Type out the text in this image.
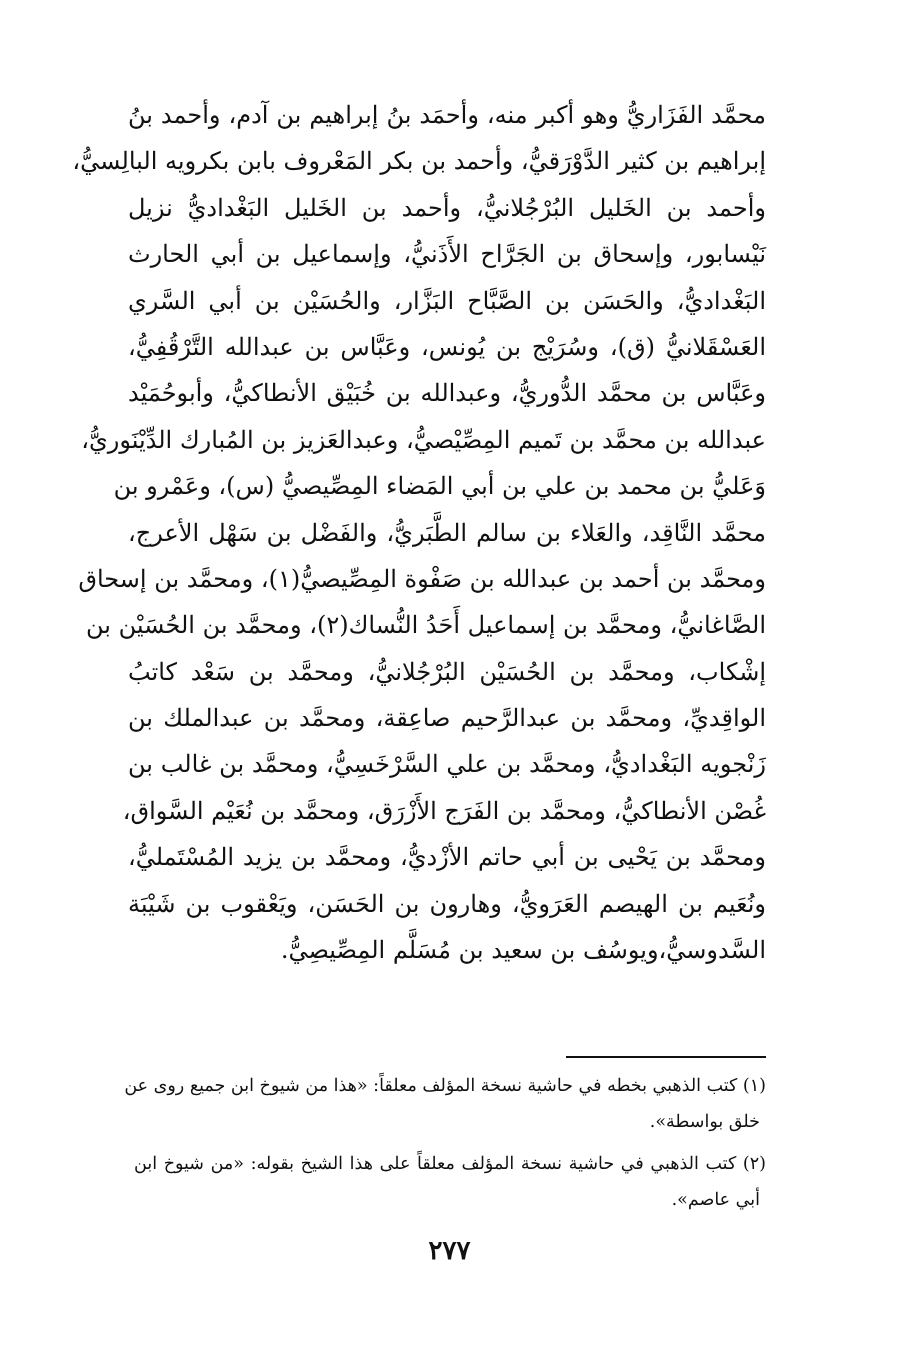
محمَّد الفَزَاريُّ وهو أكبر منه، وأحمَد بنُ إبراهيم بن آدم، وأحمد بنُ
إبراهيم بن كثير الدَّوْرَقيُّ، وأحمد بن بكر المَعْروف بابن بكرويه البالِسيُّ،
وأحمد بن الخَليل البُرْجُلانيُّ، وأحمد بن الخَليل البَغْداديُّ نزيل
نَيْسابور، وإسحاق بن الجَرَّاح الأَذَنيُّ، وإسماعيل بن أبي الحارث
البَغْداديُّ، والحَسَن بن الصَّبَّاح البَزَّار، والحُسَيْن بن أبي السَّري
العَسْقَلانيُّ (ق)، وسُرَيْج بن يُونس، وعَبَّاس بن عبدالله التَّرْقُفِيُّ،
وعَبَّاس بن محمَّد الدُّوريُّ، وعبدالله بن خُبَيْق الأنطاكيُّ، وأبوحُمَيْد
عبدالله بن محمَّد بن تَميم المِصِّيْصيُّ، وعبدالعَزيز بن المُبارك الدِّيْنَوريُّ،
وَعَليُّ بن محمد بن علي بن أبي المَضاء المِصِّيصيُّ (س)، وعَمْرو بن
محمَّد النَّاقِد، والعَلاء بن سالم الطَّبَريُّ، والفَضْل بن سَهْل الأعرج،
ومحمَّد بن أحمد بن عبدالله بن صَفْوة المِصِّيصيُّ(١)، ومحمَّد بن إسحاق
الصَّاغانيُّ، ومحمَّد بن إسماعيل أَحَدُ النُّساك(٢)، ومحمَّد بن الحُسَيْن بن
إشْكاب، ومحمَّد بن الحُسَيْن البُرْجُلانيُّ، ومحمَّد بن سَعْد كاتبُ
الواقِديِّ، ومحمَّد بن عبدالرَّحيم صاعِقة، ومحمَّد بن عبدالملك بن
زَنْجويه البَغْداديُّ، ومحمَّد بن علي السَّرْخَسِيُّ، ومحمَّد بن غالب بن
غُصْن الأنطاكيُّ، ومحمَّد بن الفَرَج الأَزْرَق، ومحمَّد بن نُعَيْم السَّواق،
ومحمَّد بن يَحْيى بن أبي حاتم الأزْديُّ، ومحمَّد بن يزيد المُسْتَمليُّ،
ونُعَيم بن الهيصم العَرَويُّ، وهارون بن الحَسَن، ويَعْقوب بن شَيْبَة
السَّدوسيُّ،ويوسُف بن سعيد بن مُسَلَّم المِصِّيصِيُّ.
(١) كتب الذهبي بخطه في حاشية نسخة المؤلف معلقاً: «هذا من شيوخ ابن جميع روى عن
خلق بواسطة».
(٢) كتب الذهبي في حاشية نسخة المؤلف معلقاً على هذا الشيخ بقوله: «من شيوخ ابن
أبي عاصم».
٢٧٧
